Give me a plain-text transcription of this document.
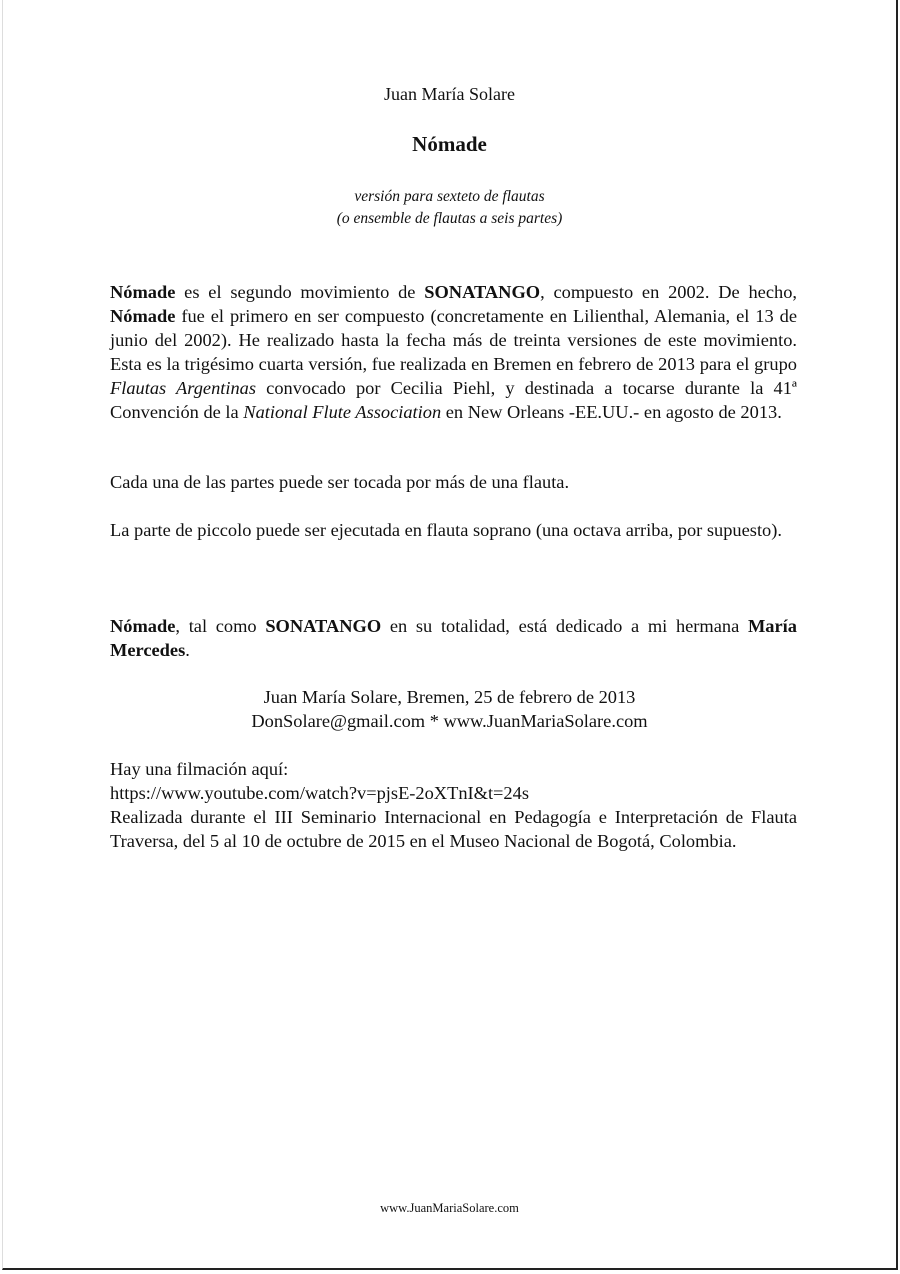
Juan María Solare
Nómade
versión para sexteto de flautas
(o ensemble de flautas a seis partes)

Nómade es el segundo movimiento de SONATANGO, compuesto en 2002. De hecho, Nómade fue el primero en ser compuesto (concretamente en Lilienthal, Alemania, el 13 de junio del 2002). He realizado hasta la fecha más de treinta versiones de este movimiento. Esta es la trigésimo cuarta versión, fue realizada en Bremen en febrero de 2013 para el grupo Flautas Argentinas convocado por Cecilia Piehl, y destinada a tocarse durante la 41ª Convención de la National Flute Association en New Orleans -EE.UU.- en agosto de 2013.

Cada una de las partes puede ser tocada por más de una flauta.

La parte de piccolo puede ser ejecutada en flauta soprano (una octava arriba, por supuesto).

Nómade, tal como SONATANGO en su totalidad, está dedicado a mi hermana María Mercedes.

Juan María Solare, Bremen, 25 de febrero de 2013
DonSolare@gmail.com * www.JuanMariaSolare.com
Hay una filmación aquí:
https://www.youtube.com/watch?v=pjsE-2oXTnI&t=24s
Realizada durante el III Seminario Internacional en Pedagogía e Interpretación de Flauta Traversa, del 5 al 10 de octubre de 2015 en el Museo Nacional de Bogotá, Colombia.
www.JuanMariaSolare.com
